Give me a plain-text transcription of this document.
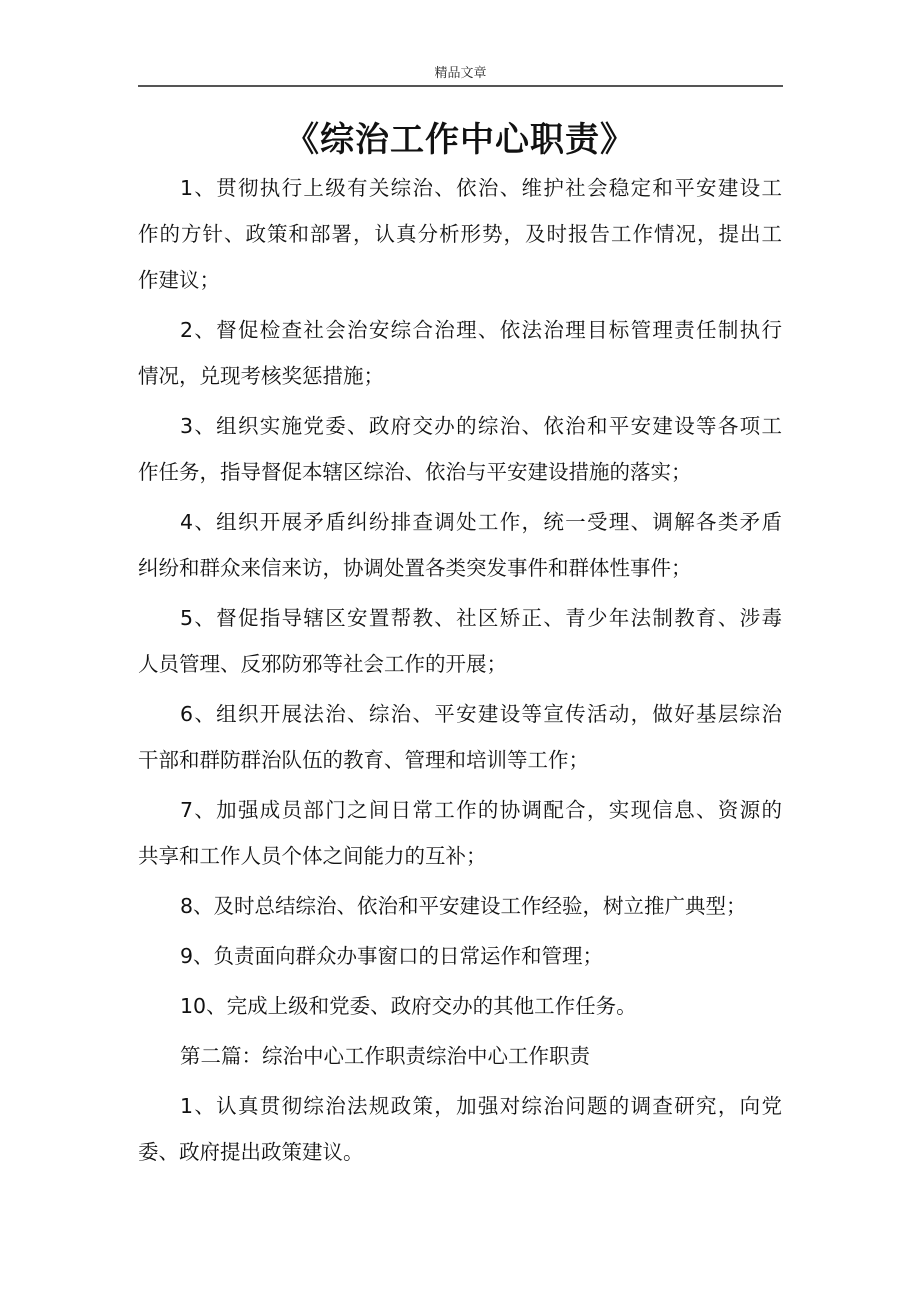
精品文章
《综治工作中心职责》
1、贯彻执行上级有关综治、依治、维护社会稳定和平安建设工
作的方针、政策和部署，认真分析形势，及时报告工作情况，提出工
作建议；
2、督促检查社会治安综合治理、依法治理目标管理责任制执行
情况，兑现考核奖惩措施；
3、组织实施党委、政府交办的综治、依治和平安建设等各项工
作任务，指导督促本辖区综治、依治与平安建设措施的落实；
4、组织开展矛盾纠纷排查调处工作，统一受理、调解各类矛盾
纠纷和群众来信来访，协调处置各类突发事件和群体性事件；
5、督促指导辖区安置帮教、社区矫正、青少年法制教育、涉毒
人员管理、反邪防邪等社会工作的开展；
6、组织开展法治、综治、平安建设等宣传活动，做好基层综治
干部和群防群治队伍的教育、管理和培训等工作；
7、加强成员部门之间日常工作的协调配合，实现信息、资源的
共享和工作人员个体之间能力的互补；
8、及时总结综治、依治和平安建设工作经验，树立推广典型；
9、负责面向群众办事窗口的日常运作和管理；
10、完成上级和党委、政府交办的其他工作任务。
第二篇：综治中心工作职责综治中心工作职责
1、认真贯彻综治法规政策，加强对综治问题的调查研究，向党
委、政府提出政策建议。
